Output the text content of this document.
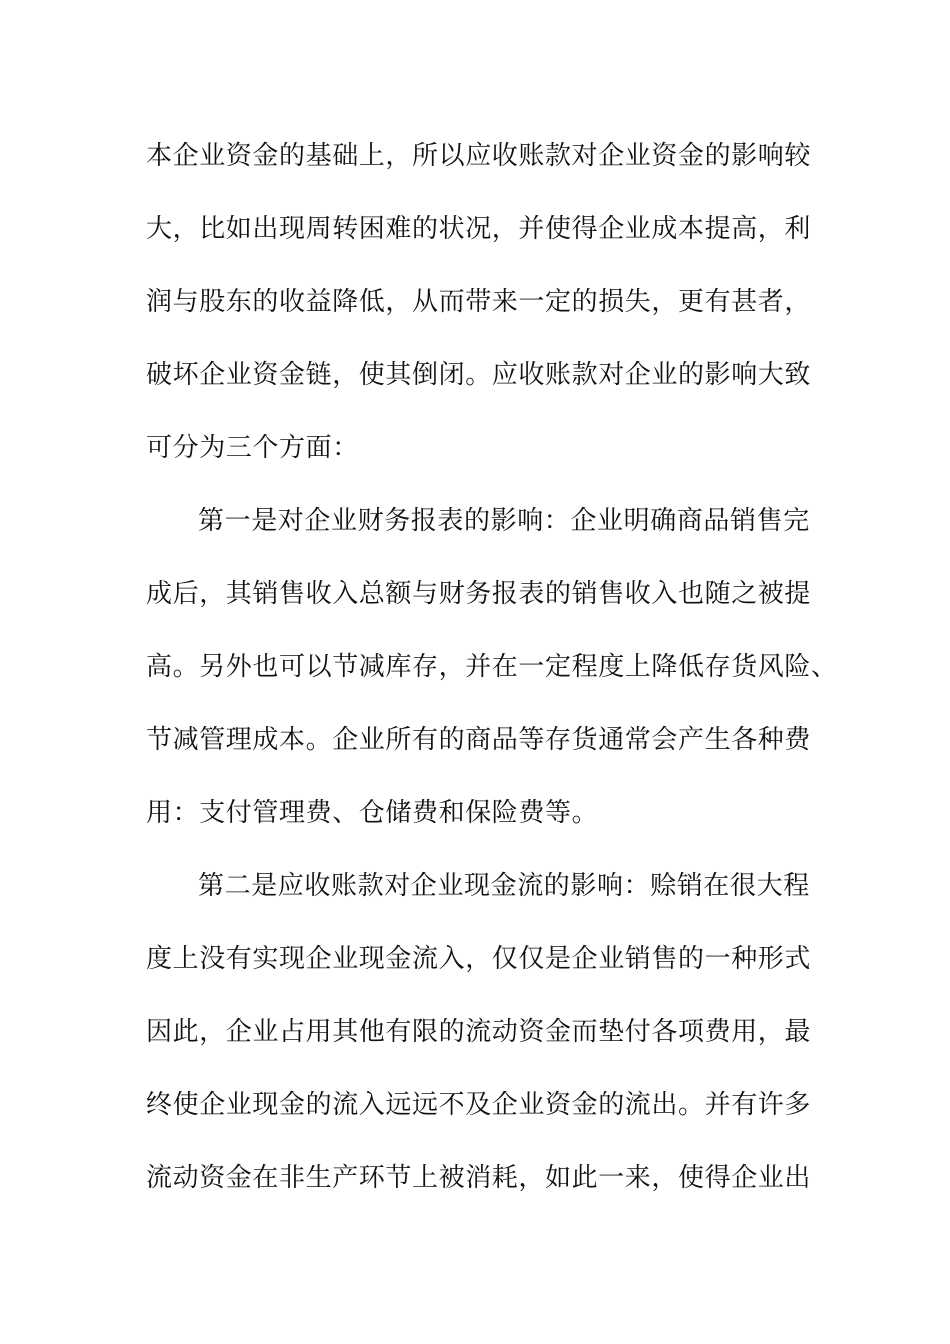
本企业资金的基础上，所以应收账款对企业资金的影响较
大，比如出现周转困难的状况，并使得企业成本提高，利
润与股东的收益降低，从而带来一定的损失，更有甚者，
破坏企业资金链，使其倒闭。应收账款对企业的影响大致
可分为三个方面：
第一是对企业财务报表的影响：企业明确商品销售完
成后，其销售收入总额与财务报表的销售收入也随之被提
高。另外也可以节减库存，并在一定程度上降低存货风险、
节减管理成本。企业所有的商品等存货通常会产生各种费
用：支付管理费、仓储费和保险费等。
第二是应收账款对企业现金流的影响：赊销在很大程
度上没有实现企业现金流入，仅仅是企业销售的一种形式
因此，企业占用其他有限的流动资金而垫付各项费用，最
终使企业现金的流入远远不及企业资金的流出。并有许多
流动资金在非生产环节上被消耗，如此一来，使得企业出
